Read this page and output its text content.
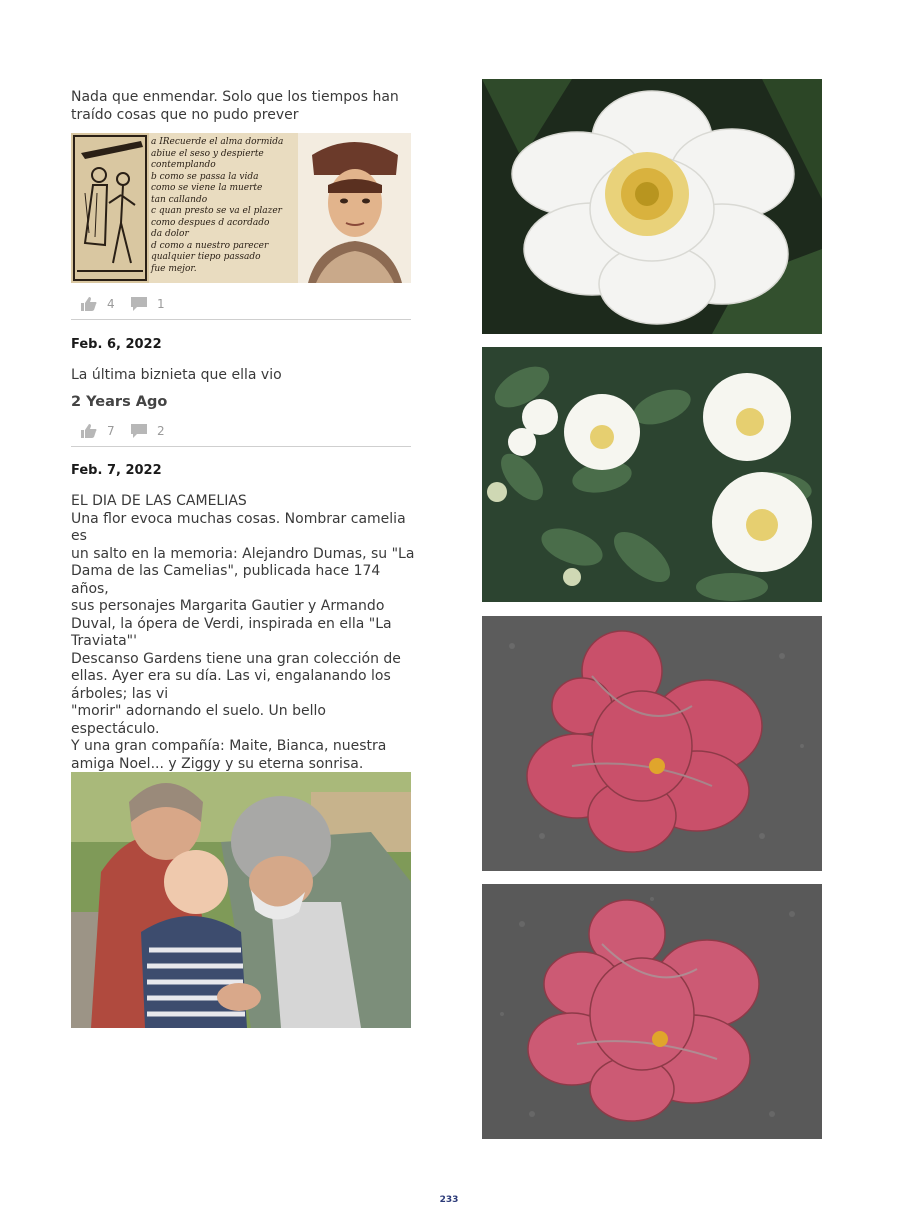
Nada que enmendar. Solo que los tiempos han

traído cosas que no pudo prever

a IRecuerde el alma dormida
abiue el seso y despierte
contemplando
b como se passa la vida
como se viene la muerte
tan callando
c quan presto se va el plazer
como despues d acordado
da dolor
d como a nuestro parecer
qualquier tiepo passado
fue mejor.
4	1
Feb. 6, 2022
La última biznieta que ella vio
2 Years Ago
7	2
Feb. 7, 2022
EL DIA DE LAS CAMELIAS
Una flor evoca muchas cosas. Nombrar camelia es
un salto en la memoria: Alejandro Dumas, su "La
Dama de las Camelias", publicada hace 174 años,
sus personajes Margarita Gautier y Armando
Duval, la ópera de Verdi, inspirada en ella "La
Traviata"'
Descanso Gardens tiene una gran colección de
ellas. Ayer era su día. Las vi, engalanando los
árboles; las vi
"morir" adornando el suelo. Un bello espectáculo.
Y una gran compañía: Maite, Bianca, nuestra
amiga Noel... y Ziggy y su eterna sonrisa.
233
